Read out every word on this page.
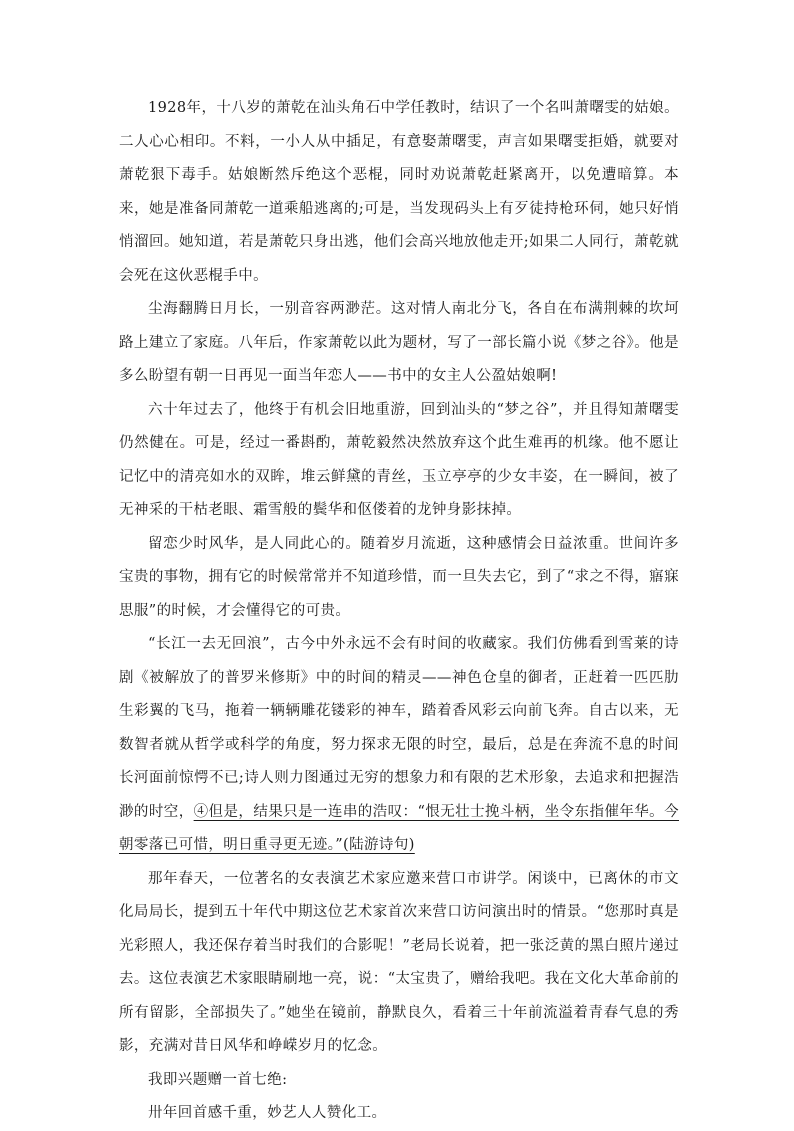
1928年，十八岁的萧乾在汕头角石中学任教时，结识了一个名叫萧曙雯的姑娘。二人心心相印。不料，一小人从中插足，有意娶萧曙雯，声言如果曙雯拒婚，就要对萧乾狠下毒手。姑娘断然斥绝这个恶棍，同时劝说萧乾赶紧离开，以免遭暗算。本来，她是准备同萧乾一道乘船逃离的;可是，当发现码头上有歹徒持枪环伺，她只好悄悄溜回。她知道，若是萧乾只身出逃，他们会高兴地放他走开;如果二人同行，萧乾就会死在这伙恶棍手中。

尘海翻腾日月长，一别音容两渺茫。这对情人南北分飞，各自在布满荆棘的坎坷路上建立了家庭。八年后，作家萧乾以此为题材，写了一部长篇小说《梦之谷》。他是多么盼望有朝一日再见一面当年恋人——书中的女主人公盈姑娘啊!

六十年过去了，他终于有机会旧地重游，回到汕头的“梦之谷”，并且得知萧曙雯仍然健在。可是，经过一番斟酌，萧乾毅然决然放弃这个此生难再的机缘。他不愿让记忆中的清亮如水的双眸，堆云鲜黛的青丝，玉立亭亭的少女丰姿，在一瞬间，被了无神采的干枯老眼、霜雪般的鬓华和伛偻着的龙钟身影抹掉。

留恋少时风华，是人同此心的。随着岁月流逝，这种感情会日益浓重。世间许多宝贵的事物，拥有它的时候常常并不知道珍惜，而一旦失去它，到了“求之不得，寤寐思服”的时候，才会懂得它的可贵。

“长江一去无回浪”，古今中外永远不会有时间的收藏家。我们仿佛看到雪莱的诗剧《被解放了的普罗米修斯》中的时间的精灵——神色仓皇的御者，正赶着一匹匹肋生彩翼的飞马，拖着一辆辆雕花镂彩的神车，踏着香风彩云向前飞奔。自古以来，无数智者就从哲学或科学的角度，努力探求无限的时空，最后，总是在奔流不息的时间长河面前惊愕不已;诗人则力图通过无穷的想象力和有限的艺术形象，去追求和把握浩渺的时空，④但是，结果只是一连串的浩叹：“恨无壮士挽斗柄，坐令东指催年华。今朝零落已可惜，明日重寻更无迹。”(陆游诗句)

那年春天，一位著名的女表演艺术家应邀来营口市讲学。闲谈中，已离休的市文化局局长，提到五十年代中期这位艺术家首次来营口访问演出时的情景。“您那时真是光彩照人，我还保存着当时我们的合影呢！”老局长说着，把一张泛黄的黑白照片递过去。这位表演艺术家眼睛刷地一亮，说：“太宝贵了，赠给我吧。我在文化大革命前的所有留影，全部损失了。”她坐在镜前，静默良久，看着三十年前流溢着青春气息的秀影，充满对昔日风华和峥嵘岁月的忆念。

我即兴题赠一首七绝:

卅年回首感千重，妙艺人人赞化工。
